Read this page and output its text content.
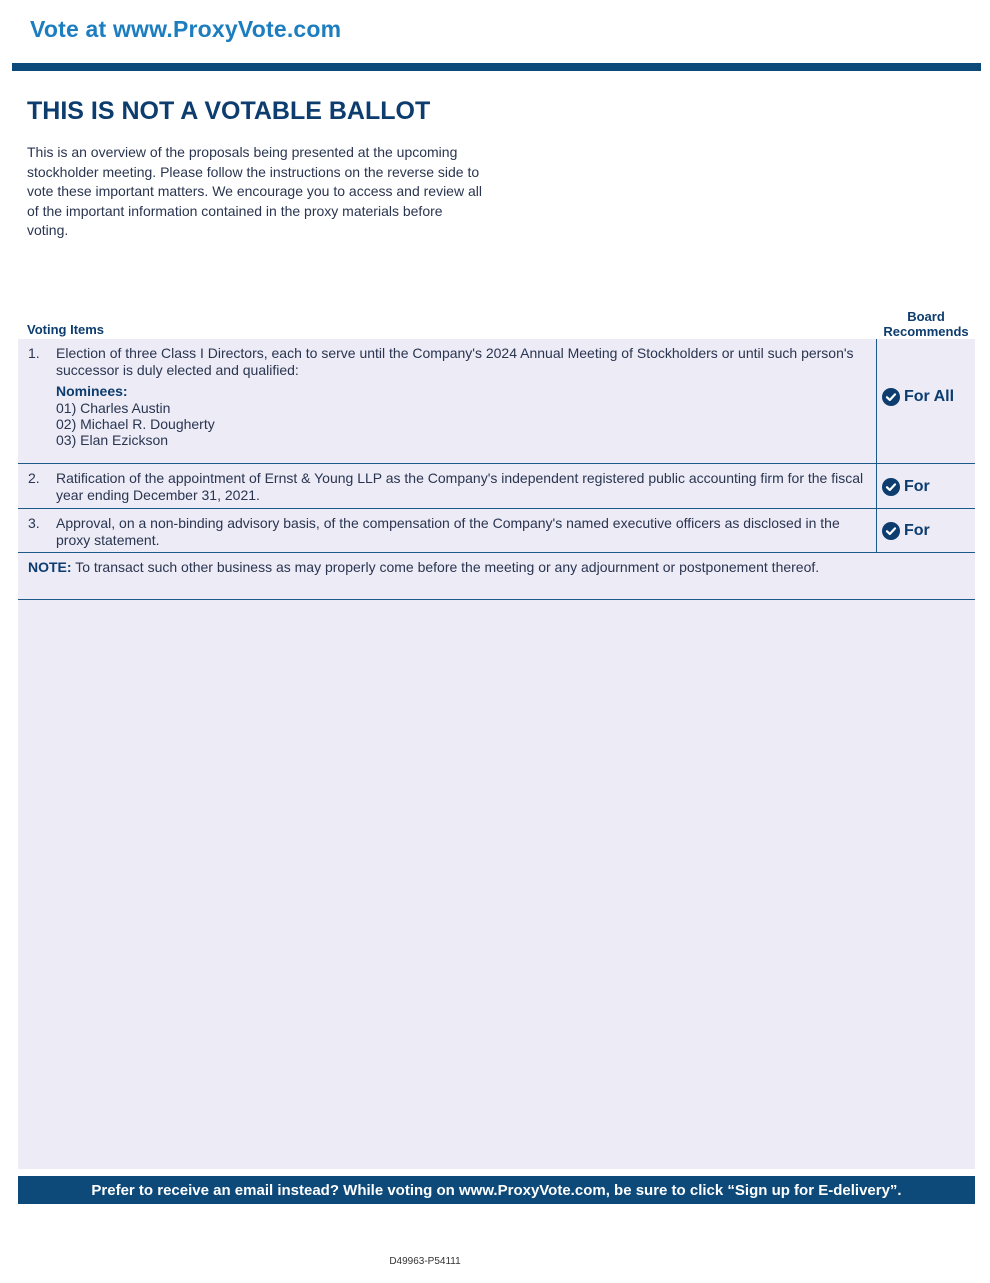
Vote at www.ProxyVote.com
THIS IS NOT A VOTABLE BALLOT
This is an overview of the proposals being presented at the upcoming stockholder meeting. Please follow the instructions on the reverse side to vote these important matters. We encourage you to access and review all of the important information contained in the proxy materials before voting.
Voting Items
Board Recommends
1. Election of three Class I Directors, each to serve until the Company's 2024 Annual Meeting of Stockholders or until such person's successor is duly elected and qualified:
Nominees:
01) Charles Austin
02) Michael R. Dougherty
03) Elan Ezickson
For All
2. Ratification of the appointment of Ernst & Young LLP as the Company's independent registered public accounting firm for the fiscal year ending December 31, 2021.	For
3. Approval, on a non-binding advisory basis, of the compensation of the Company's named executive officers as disclosed in the proxy statement.
For
NOTE: To transact such other business as may properly come before the meeting or any adjournment or postponement thereof.
Prefer to receive an email instead? While voting on www.ProxyVote.com, be sure to click “Sign up for E-delivery”.
D49963-P54111
